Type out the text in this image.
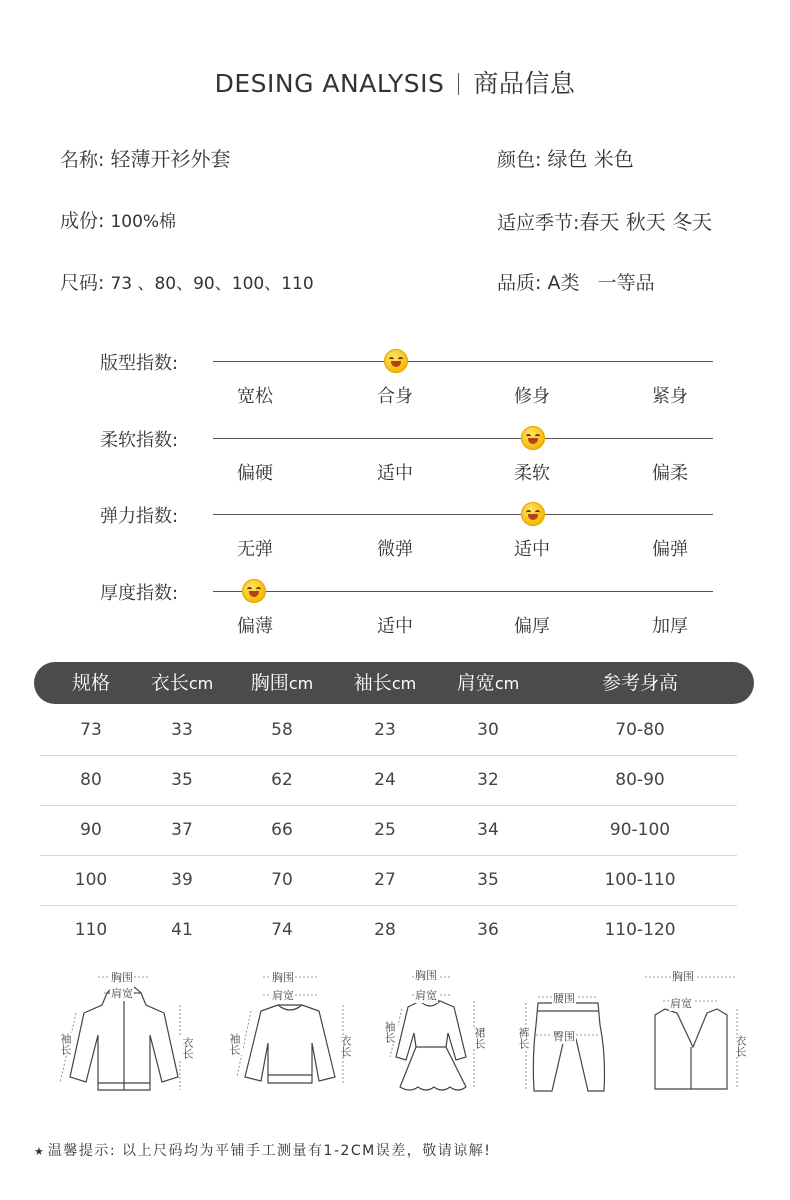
DESING ANALYSIS 商品信息
名称: 轻薄开衫外套	颜色: 绿色 米色
成份: 100%棉	适应季节:春天 秋天 冬天
尺码: 73 、80、90、100、110	品质: A类   一等品
版型指数:
宽松	合身	修身	紧身
柔软指数:
偏硬	适中	柔软	偏柔
弹力指数:
无弹	微弹	适中	偏弹
厚度指数:
偏薄	适中	偏厚	加厚
规格	衣长cm	胸围cm	袖长cm	肩宽cm	参考身高
73	33	58	23	30	70-80
80	35	62	24	32	80-90
90	37	66	25	34	90-100
100	39	70	27	35	100-110
110	41	74	28	36	110-120
胸围
肩宽
袖长	衣长
胸围
肩宽
袖长	衣长
胸围
肩宽
袖长	裙长
腰围
臀围
裤长
胸围
肩宽
衣长
★ 温馨提示: 以上尺码均为平铺手工测量有1-2CM误差，敬请谅解!
